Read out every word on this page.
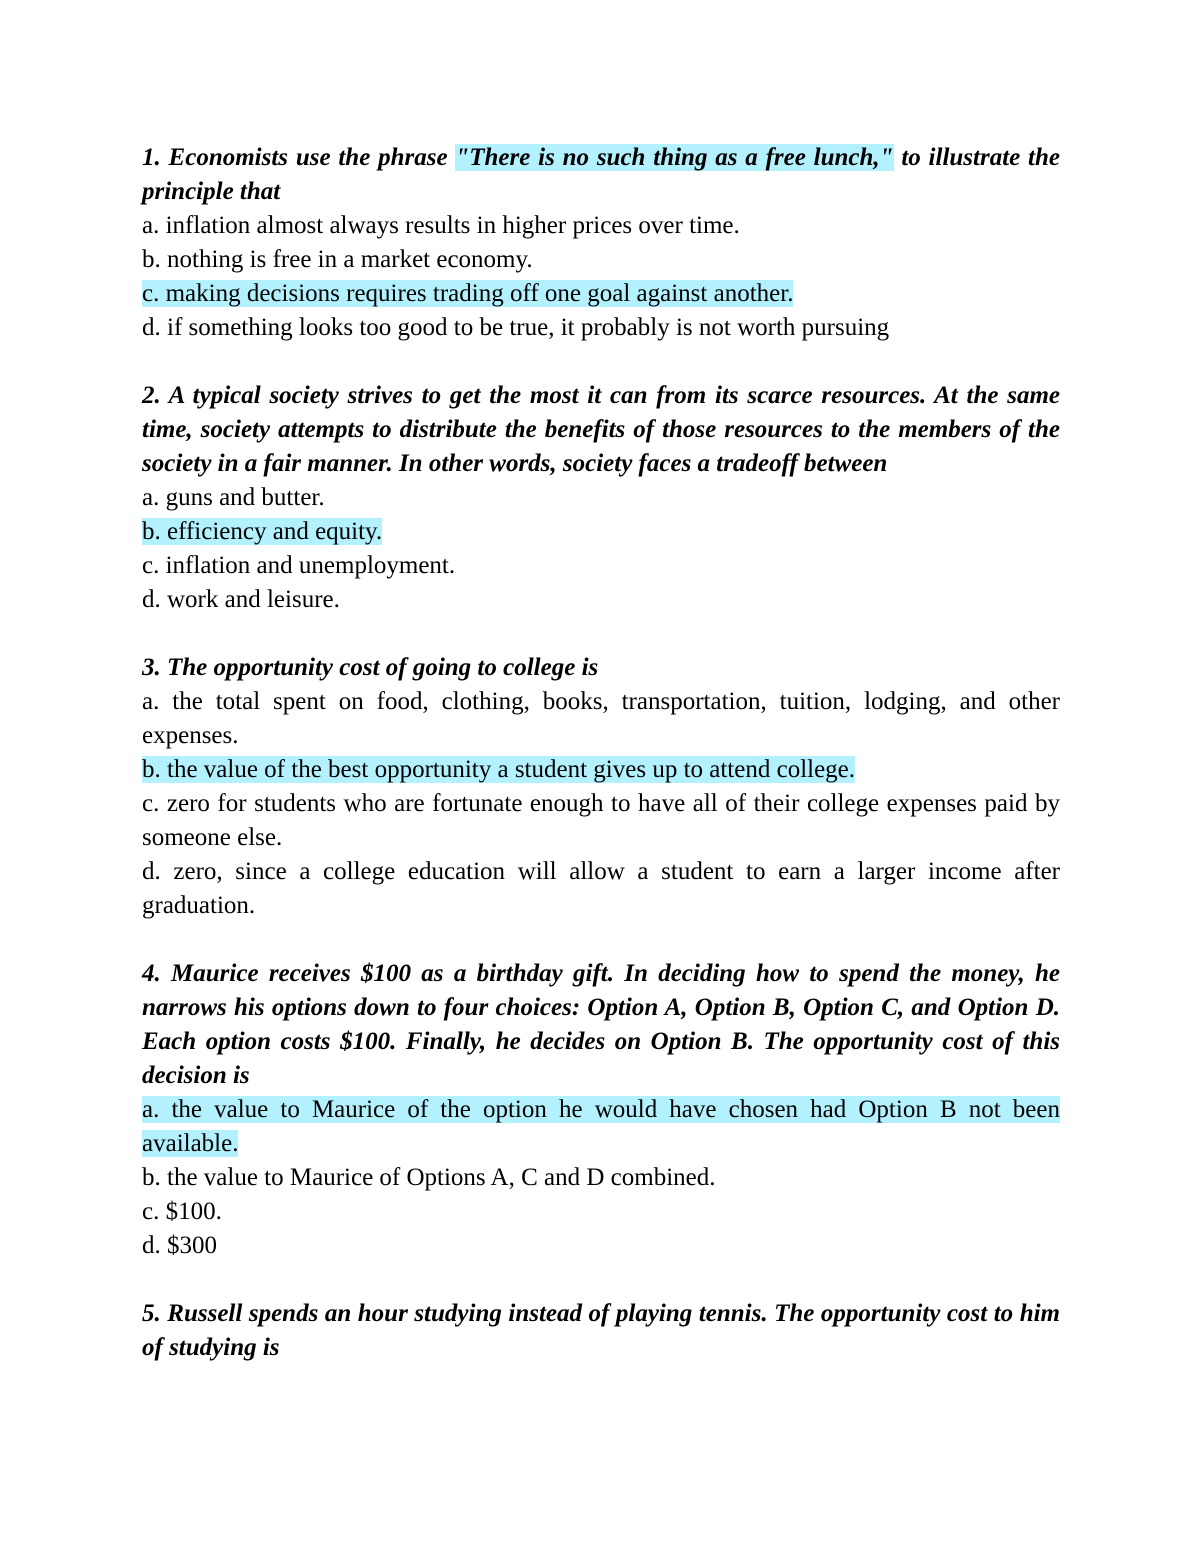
1. Economists use the phrase "There is no such thing as a free lunch," to illustrate the principle that

a. inflation almost always results in higher prices over time.

b. nothing is free in a market economy.

c. making decisions requires trading off one goal against another.

d. if something looks too good to be true, it probably is not worth pursuing

2. A typical society strives to get the most it can from its scarce resources. At the same time, society attempts to distribute the benefits of those resources to the members of the society in a fair manner. In other words, society faces a tradeoff between

a. guns and butter.

b. efficiency and equity.

c. inflation and unemployment.

d. work and leisure.

3. The opportunity cost of going to college is

a. the total spent on food, clothing, books, transportation, tuition, lodging, and other expenses.

b. the value of the best opportunity a student gives up to attend college.

c. zero for students who are fortunate enough to have all of their college expenses paid by someone else.

d. zero, since a college education will allow a student to earn a larger income after graduation.

4. Maurice receives $100 as a birthday gift. In deciding how to spend the money, he narrows his options down to four choices: Option A, Option B, Option C, and Option D. Each option costs $100. Finally, he decides on Option B. The opportunity cost of this decision is

a. the value to Maurice of the option he would have chosen had Option B not been available.

b. the value to Maurice of Options A, C and D combined.

c. $100.

d. $300

5. Russell spends an hour studying instead of playing tennis. The opportunity cost to him of studying is
